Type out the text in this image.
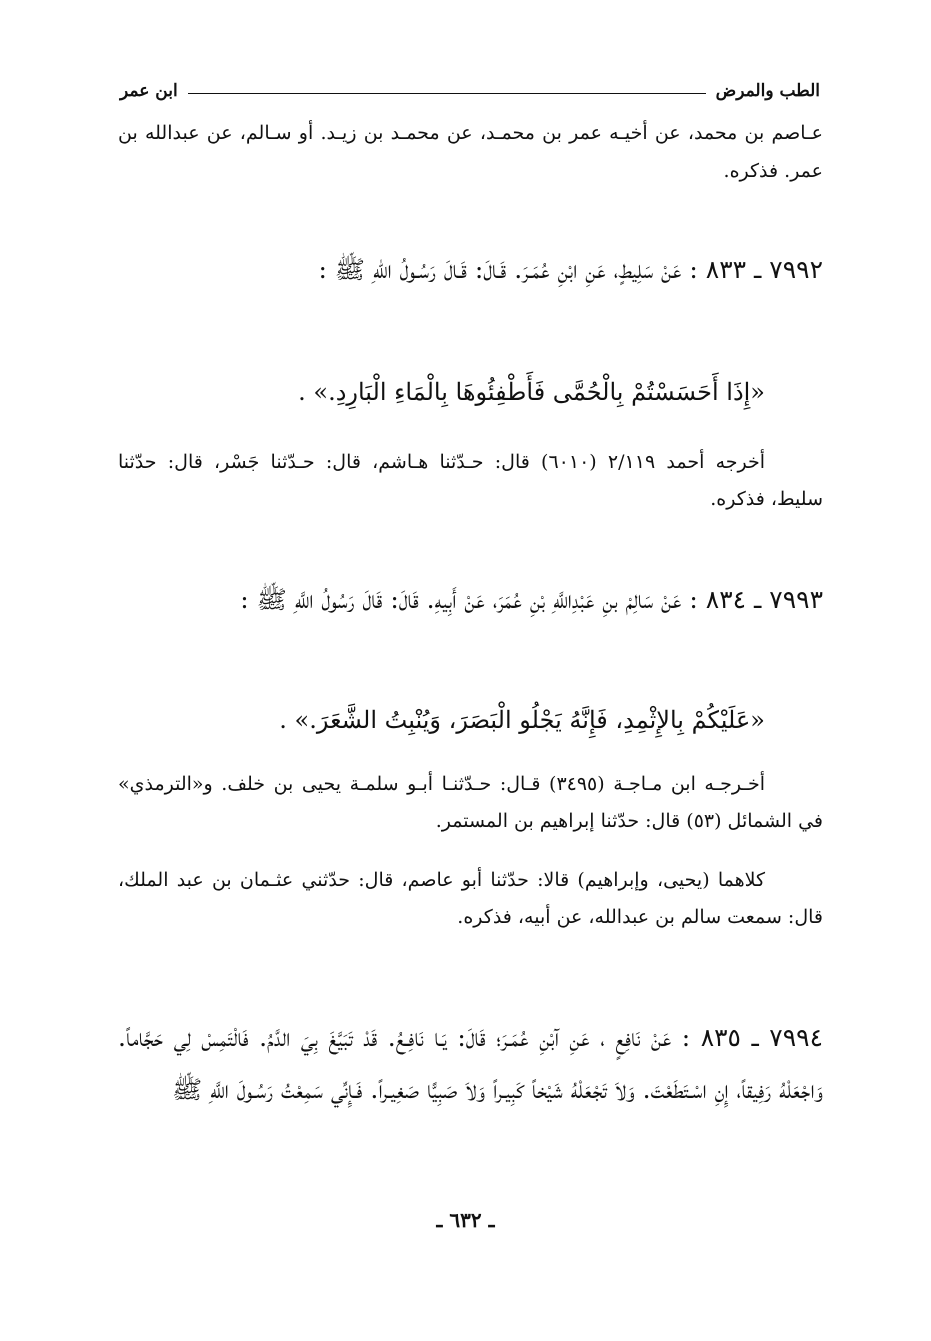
الطب والمرض
ابن عمر
عـاصم بن محمد، عن أخيـه عمر بن محمـد، عن محمـد بن زيـد. أو سـالم، عن عبدالله بن عمر. فذكره.
٧٩٩٢ ـ ٨٣٣ : عَنْ سَلِيطٍ، عَنِ ابْنِ عُمَـرَ. قَـالَ: قَـالَ رَسُـولُ اللّهِ ﷺ :
«إِذَا أَحَسَسْتُمْ بِالْحُمَّى فَأَطْفِئُوهَا بِالْمَاءِ الْبَارِدِ.» .
أخرجه أحمد ٢/١١٩ (٦٠١٠) قال: حـدّثنا هـاشم، قال: حـدّثنا جَسْر، قال: حدّثنا سليط، فذكره.
٧٩٩٣ ـ ٨٣٤ : عَنْ سَالِمْ بنِ عَبْدِاللَّهِ بْنِ عُمَرَ، عَنْ أَبِيهِ. قَالَ: قَالَ رَسُولُ اللَّهِ ﷺ :
«عَلَيْكُمْ بِالإِثْمِدِ، فَإِنَّهُ يَجْلُو الْبَصَرَ، وَيُنْبِتُ الشَّعَرَ.» .
أخـرجـه ابن مـاجـة (٣٤٩٥) قـال: حـدّثنـا أبـو سلمـة يحيى بن خلف. و«الترمذي» في الشمائل (٥٣) قال: حدّثنا إبراهيم بن المستمر.
كلاهما (يحيى، وإبراهيم) قالا: حدّثنا أبو عاصم، قال: حدّثني عثـمان بن عبد الملك، قال: سمعت سالم بن عبدالله، عن أبيه، فذكره.
٧٩٩٤ ـ ٨٣٥ : عَنْ نَافِعٍ ، عَنِ آبْنِ عُمَـرَ؛ قَالَ: يَـا نَافِـعُ. قَدْ تَبَيَّغَ بِيَ الدَّمُ. فَالْتَمِسْ لِي حَجَّاماً. وَاجْعَلْهُ رَفِيقاً، إِنِ اسْـتَطَعْتَ. وَلاَ تَجْعَلْهُ شَيْخاً كَبِيـراً وَلاَ صَبِيًّا صَغِيـراً. فَـإِنِّي سَمِعْتُ رَسُـولَ اللَّهِ ﷺ
ـ ٦٣٢ ـ
